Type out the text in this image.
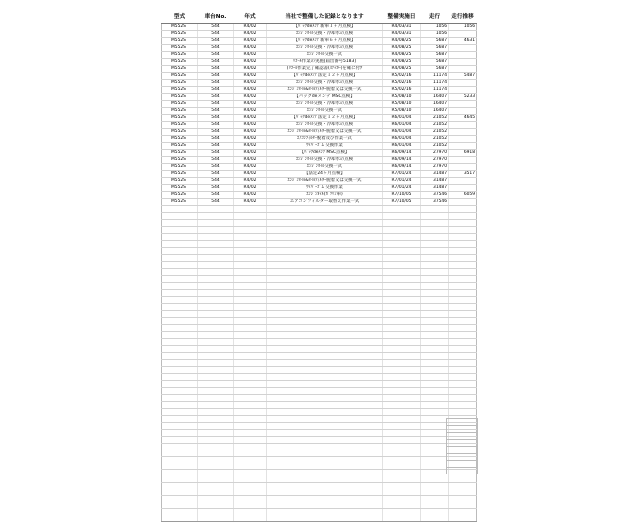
型式	車台No.	年式	当社で整備した記録となります	整備実施日	走行	走行推移
M552S	544	R4/02	【ﾊﾟｯｸdeﾒﾝﾃ 新車１ヶ月点検】	R4/03/31	1056	1056
M552S	544	R4/02	ｴﾝｼﾞﾝｵｲﾙ交換・冷却水の点検	R4/03/31	1056	
M552S	544	R4/02	【ﾊﾟｯｸdeﾒﾝﾃ 新車６ヶ月点検】	R4/08/25	5687	4631
M552S	544	R4/02	ｴﾝｼﾞﾝｵｲﾙ交換・冷却水の点検	R4/08/25	5687	
M552S	544	R4/02	ｴﾝｼﾞﾝｵｲﾙ交換一式	R4/08/25	5687	
M552S	544	R4/02	ﾘｺｰﾙ作業の実施[届出番号5183]	R4/08/25	5687	
M552S	544	R4/02	(ﾘｺｰﾙ作業完了確認書(ｽﾃｯｶｰ)を確に付ｹ	R4/08/25	5687	
M552S	544	R4/02	【ﾊﾟｯｸdeﾒﾝﾃ 法定１２ヶ月点検】	R5/02/16	11174	5487
M552S	544	R4/02	ｴﾝｼﾞﾝｵｲﾙ交換・冷却水の点検	R5/02/16	11174	
M552S	544	R4/02	ｴﾝｼﾞﾝｵｲﾙ&ｵｲﾙﾌｨﾙﾀｰ脱着又は交換一式	R5/02/16	11174	
M552S	544	R4/02	【パックdeメンテ MSC点検】	R5/08/10	16407	5233
M552S	544	R4/02	ｴﾝｼﾞﾝｵｲﾙ交換・冷却水の点検	R5/08/10	16407	
M552S	544	R4/02	ｴﾝｼﾞﾝｵｲﾙ交換一式	R5/08/10	16407	
M552S	544	R4/02	【ﾊﾟｯｸdeﾒﾝﾃ 法定１２ヶ月点検】	R6/01/04	21052	4645
M552S	544	R4/02	ｴﾝｼﾞﾝｵｲﾙ交換・冷却水の点検	R6/01/04	21052	
M552S	544	R4/02	ｴﾝｼﾞﾝｵｲﾙ&ｵｲﾙﾌｨﾙﾀｰ脱着又は交換一式	R6/01/04	21052	
M552S	544	R4/02	ｴｱｺﾝﾌｨﾙﾀｰ脱着及び作業一式	R6/01/04	21052	
M552S	544	R4/02	ｳｲﾊﾟｰｺﾞﾑ 交換作業	R6/01/04	21052	
M552S	544	R4/02	【ﾊﾟｯｸdeﾒﾝﾃ MSC点検】	R6/09/14	27970	6918
M552S	544	R4/02	ｴﾝｼﾞﾝｵｲﾙ交換・冷却水の点検	R6/09/14	27970	
M552S	544	R4/02	ｴﾝｼﾞﾝｵｲﾙ交換一式	R6/09/14	27970	
M552S	544	R4/02	【法定24ヶ月点検】	R7/01/24	31487	3517
M552S	544	R4/02	ｴﾝｼﾞﾝｵｲﾙ&ｵｲﾙﾌｨﾙﾀｰ脱着又は交換一式	R7/01/24	31487	
M552S	544	R4/02	ｳｲﾊﾟｰｺﾞﾑ 交換作業	R7/01/24	31487	
M552S	544	R4/02	ｴﾝｼﾞﾝｵｲﾙ(ｶﾞｿﾘﾝ車)	R7/10/05	37546	6059
M552S	544	R4/02	エアコンフィルター取替え作業一式	R7/10/05	37546	
